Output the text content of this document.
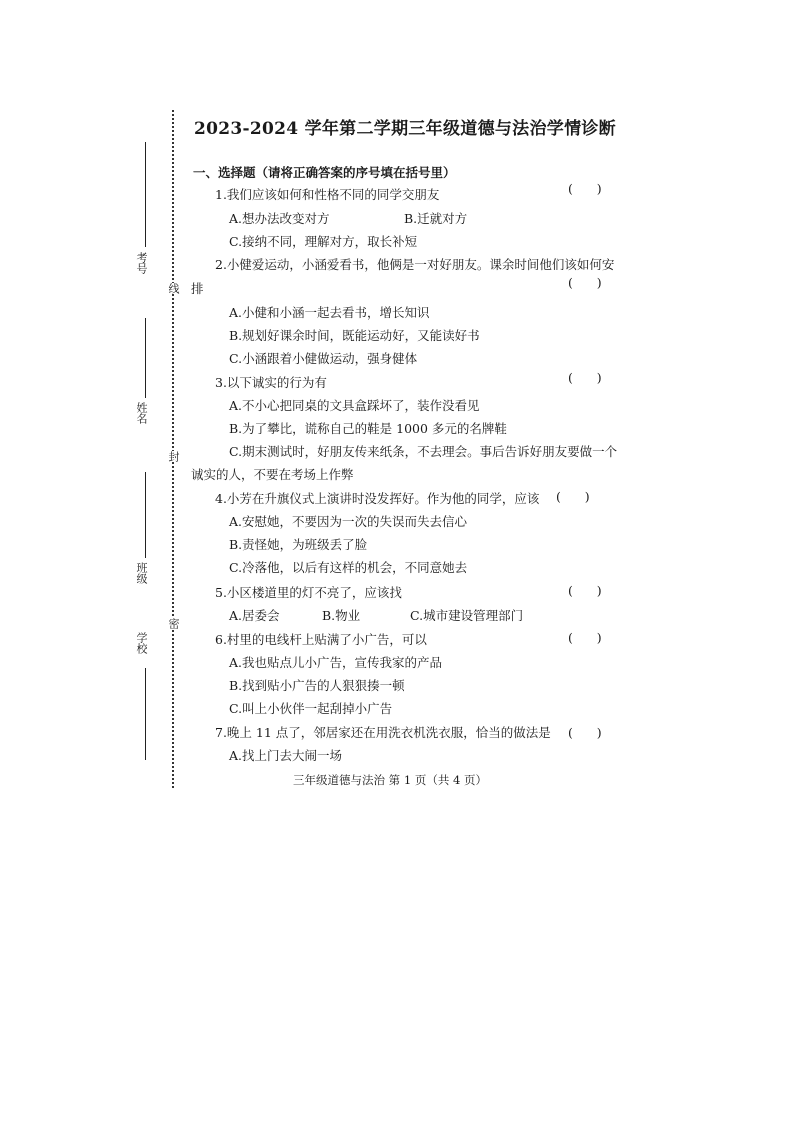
考号
姓名
班级
学校
线
封
密
2023-2024 学年第二学期三年级道德与法治学情诊断
一、选择题（请将正确答案的序号填在括号里）
1.我们应该如何和性格不同的同学交朋友	(      )
A.想办法改变对方	B.迁就对方
C.接纳不同，理解对方，取长补短
2.小健爱运动，小涵爱看书，他俩是一对好朋友。课余时间他们该如何安
排	(      )
A.小健和小涵一起去看书，增长知识
B.规划好课余时间，既能运动好，又能读好书
C.小涵跟着小健做运动，强身健体
3.以下诚实的行为有	(      )
A.不小心把同桌的文具盒踩坏了，装作没看见
B.为了攀比，谎称自己的鞋是 1000 多元的名牌鞋
C.期末测试时，好朋友传来纸条，不去理会。事后告诉好朋友要做一个
诚实的人，不要在考场上作弊
4.小芳在升旗仪式上演讲时没发挥好。作为他的同学，应该 (      )
A.安慰她，不要因为一次的失误而失去信心
B.责怪她，为班级丢了脸
C.冷落他，以后有这样的机会，不同意她去
5.小区楼道里的灯不亮了，应该找	(      )
A.居委会	B.物业	C.城市建设管理部门
6.村里的电线杆上贴满了小广告，可以	(      )
A.我也贴点儿小广告，宣传我家的产品
B.找到贴小广告的人狠狠揍一顿
C.叫上小伙伴一起刮掉小广告
7.晚上 11 点了，邻居家还在用洗衣机洗衣服，恰当的做法是 (      )
A.找上门去大闹一场
三年级道德与法治 第 1 页（共 4 页）
